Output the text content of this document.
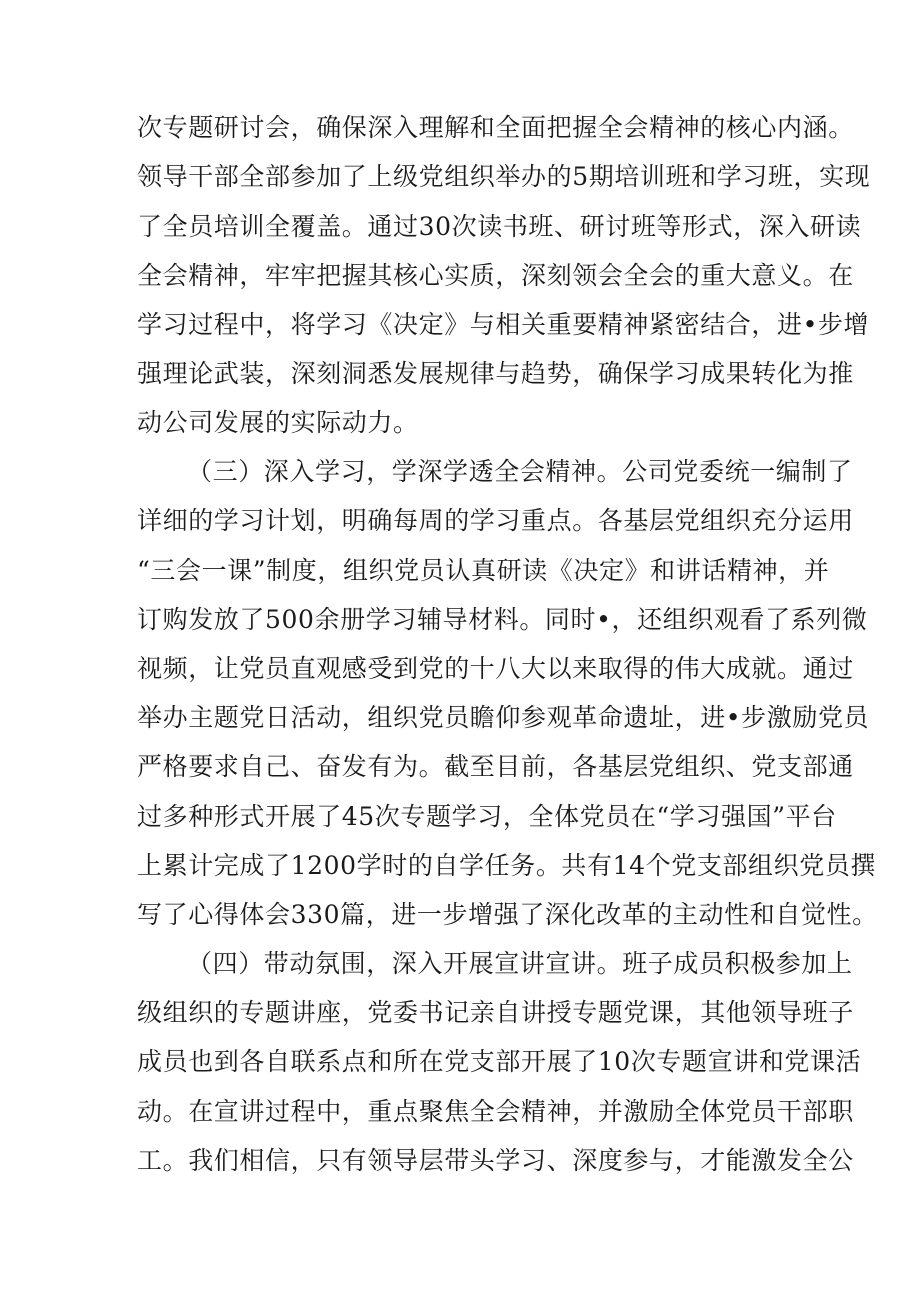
次专题研讨会，确保深入理解和全面把握全会精神的核心内涵。
领导干部全部参加了上级党组织举办的5期培训班和学习班，实现
了全员培训全覆盖。通过30次读书班、研讨班等形式，深入研读
全会精神，牢牢把握其核心实质，深刻领会全会的重大意义。在
学习过程中，将学习《决定》与相关重要精神紧密结合，进•步增
强理论武装，深刻洞悉发展规律与趋势，确保学习成果转化为推
动公司发展的实际动力。
（三）深入学习，学深学透全会精神。公司党委统一编制了
详细的学习计划，明确每周的学习重点。各基层党组织充分运用
“三会一课”制度，组织党员认真研读《决定》和讲话精神，并
订购发放了500余册学习辅导材料。同时•，还组织观看了系列微
视频，让党员直观感受到党的十八大以来取得的伟大成就。通过
举办主题党日活动，组织党员瞻仰参观革命遗址，进•步激励党员
严格要求自己、奋发有为。截至目前，各基层党组织、党支部通
过多种形式开展了45次专题学习，全体党员在“学习强国”平台
上累计完成了1200学时的自学任务。共有14个党支部组织党员撰
写了心得体会330篇，进一步增强了深化改革的主动性和自觉性。
（四）带动氛围，深入开展宣讲宣讲。班子成员积极参加上
级组织的专题讲座，党委书记亲自讲授专题党课，其他领导班子
成员也到各自联系点和所在党支部开展了10次专题宣讲和党课活
动。在宣讲过程中，重点聚焦全会精神，并激励全体党员干部职
工。我们相信，只有领导层带头学习、深度参与，才能激发全公
